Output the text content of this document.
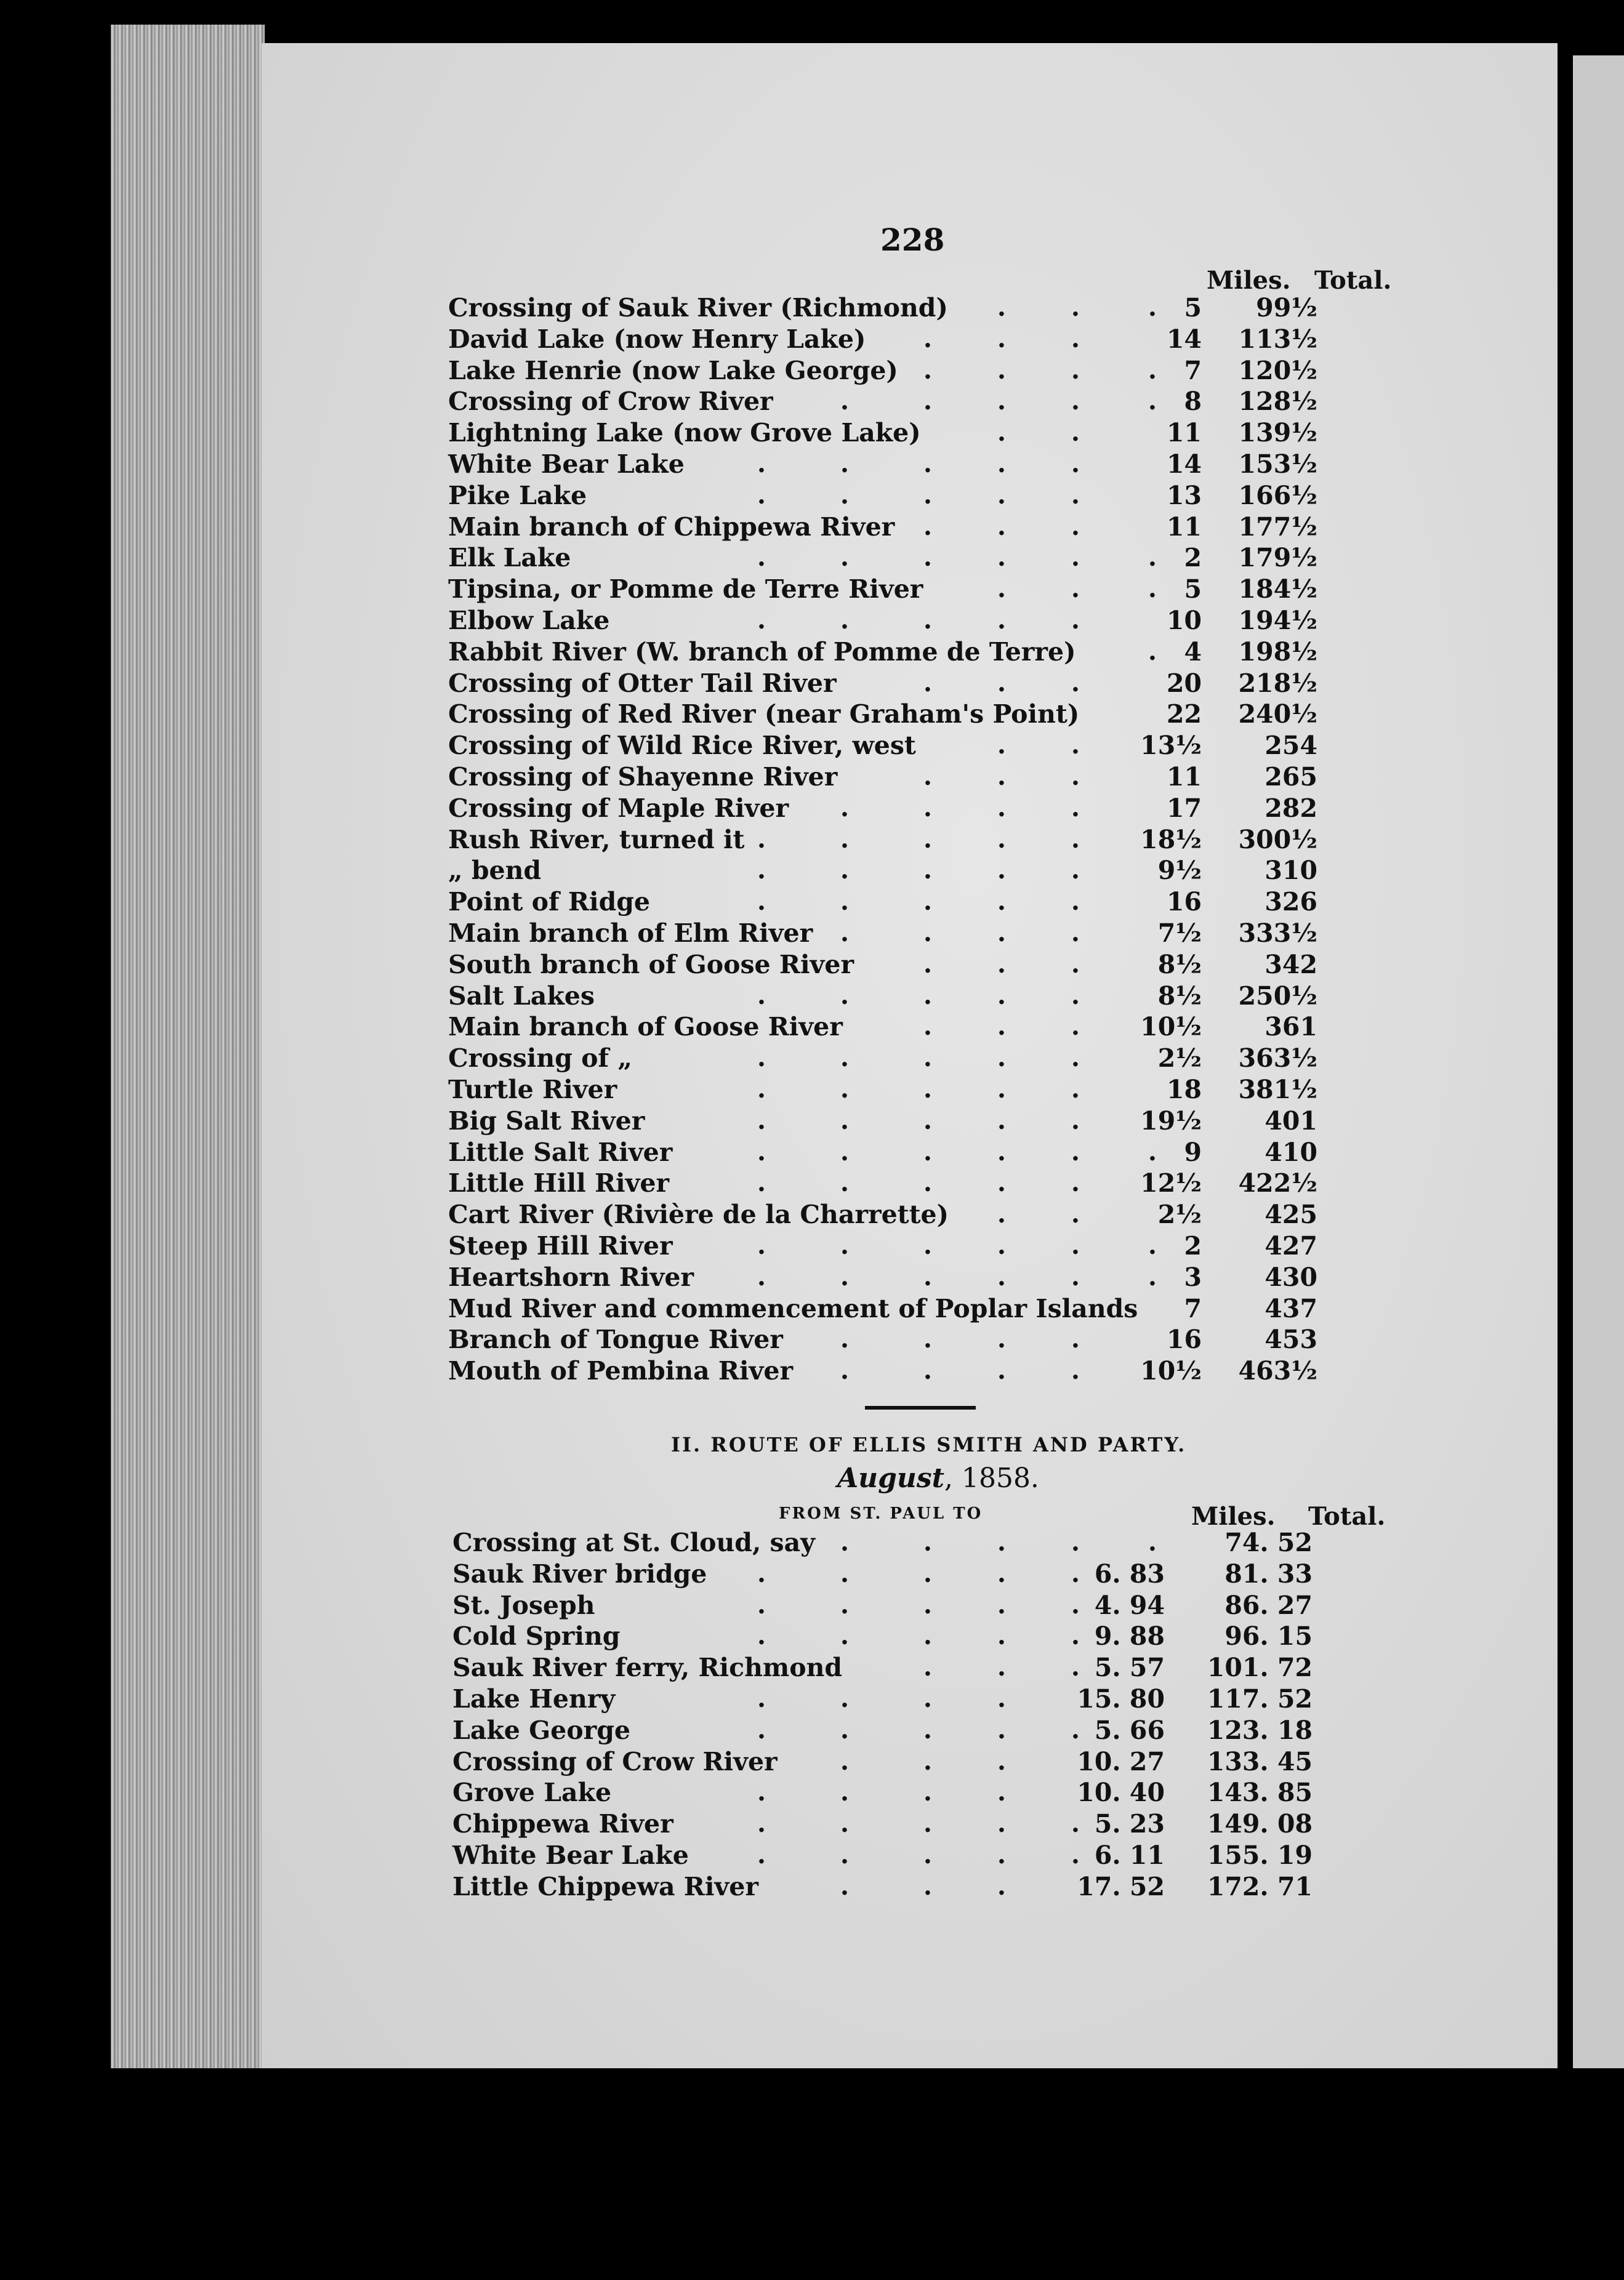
228
Miles. Total.
Crossing of Sauk River (Richmond) .	.	. 5 99½
David Lake (now Henry Lake) .	.	.	14 113½
Lake Henrie (now Lake George) .	.	.	. 7 120½
Crossing of Crow River	.	.	.	.	. 8 128½
Lightning Lake (now Grove Lake)	.	.	11 139½
White Bear Lake	.	.	.	.	.	14 153½
Pike Lake	.	.	.	.	.	13 166½
Main branch of Chippewa River .	.	.	11 177½
Elk Lake	.	.	.	.	.	. 2 179½
Tipsina, or Pomme de Terre River	.	.	. 5 184½
Elbow Lake	.	.	.	.	.	10 194½
Rabbit River (W. branch of Pomme de Terre)	. 4 198½
Crossing of Otter Tail River	.	.	.	20 218½
Crossing of Red River (near Graham's Point)	22 240½
Crossing of Wild Rice River, west	.	. 13½ 254
Crossing of Shayenne River	.	.	.	11 265
Crossing of Maple River .	.	.	.	17 282
Rush River, turned it .	.	.	.	. 18½ 300½
„ bend	.	.	.	.	.	9½ 310
Point of Ridge	.	.	.	.	.	16 326
Main branch of Elm River .	.	.	.	7½ 333½
South branch of Goose River	.	.	.	8½ 342
Salt Lakes	.	.	.	.	.	8½ 250½
Main branch of Goose River	.	.	. 10½ 361
Crossing of „	.	.	.	.	.	2½ 363½
Turtle River	.	.	.	.	.	18 381½
Big Salt River	.	.	.	.	. 19½ 401
Little Salt River	.	.	.	.	.	. 9 410
Little Hill River	.	.	.	.	. 12½ 422½
Cart River (Rivière de la Charrette) .	.	2½ 425
Steep Hill River	.	.	.	.	.	. 2 427
Heartshorn River	.	.	.	.	.	. 3 430
Mud River and commencement of Poplar Islands 7 437
Branch of Tongue River .	.	.	.	16 453
Mouth of Pembina River .	.	.	. 10½ 463½
II. ROUTE OF ELLIS SMITH AND PARTY.
August, 1858.
FROM ST. PAUL TO	Miles. Total.
Crossing at St. Cloud, say .	.	.	.	.	74. 52
Sauk River bridge .	.	.	.	. 6. 83 81. 33
St. Joseph	.	.	.	.	. 4. 94 86. 27
Cold Spring	.	.	.	.	. 9. 88 96. 15
Sauk River ferry, Richmond	.	.	. 5. 57 101. 72
Lake Henry	.	.	.	.	15. 80 117. 52
Lake George	.	.	.	.	. 5. 66 123. 18
Crossing of Crow River	.	.	.	10. 27 133. 45
Grove Lake	.	.	.	.	10. 40 143. 85
Chippewa River	.	.	.	.	. 5. 23 149. 08
White Bear Lake	.	.	.	.	. 6. 11 155. 19
Little Chippewa River	.	.	.	17. 52 172. 71
